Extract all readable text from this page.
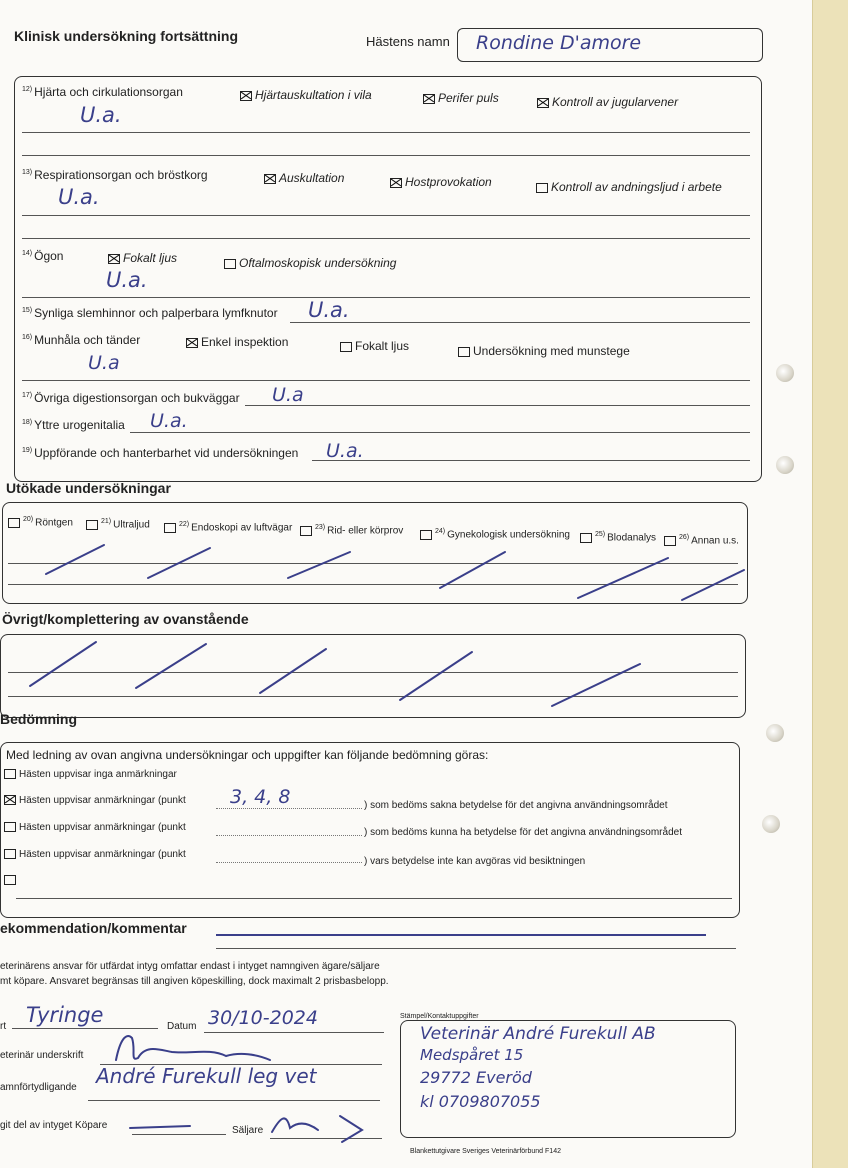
Klinisk undersökning fortsättning	Hästens namn Rondine D'amore
$^{12)}$ Hjärta och cirkulationsorgan	Hjärtauskultation i vila	Perifer puls	Kontroll av jugularvener
U.a.
$^{13)}$ Respirationsorgan och bröstkorg	Auskultation	Hostprovokation	Kontroll av andningsljud i arbete
U.a.
$^{14)}$ Ögon	Fokalt ljus	Oftalmoskopisk undersökning
U.a.
$^{15)}$ Synliga slemhinnor och palperbara lymfknutor U.a.
$^{16)}$ Munhåla och tänder	Enkel inspektion	Fokalt ljus	Undersökning med munstege
U.a
$^{17)}$ Övriga digestionsorgan och bukväggar U.a
$^{18)}$ Yttre urogenitalia U.a.
$^{19)}$ Uppförande och hanterbarhet vid undersökningen U.a.
Utökade undersökningar
$^{20)}$ Röntgen	$^{21)}$ Ultraljud	$^{22)}$ Endoskopi av luftvägar	$^{23)}$ Rid- eller körprov	$^{24)}$ Gynekologisk undersökning	$^{25)}$ Blodanalys	$^{26)}$ Annan u.s.
Övrigt/komplettering av ovanstående
Bedömning
Med ledning av ovan angivna undersökningar och uppgifter kan följande bedömning göras:
Hästen uppvisar inga anmärkningar
Hästen uppvisar anmärkningar (punkt 3, 4, 8	) som bedöms sakna betydelse för det angivna användningsområdet
Hästen uppvisar anmärkningar (punkt	) som bedöms kunna ha betydelse för det angivna användningsområdet
Hästen uppvisar anmärkningar (punkt
) vars betydelse inte kan avgöras vid besiktningen
ekommendation/kommentar
eterinärens ansvar för utfärdat intyg omfattar endast i intyget namngiven ägare/säljare
mt köpare. Ansvaret begränsas till angiven köpeskilling, dock maximalt 2 prisbasbelopp.
rt Tyringe	Datum 30/10-2024
eterinär underskrift
amnförtydligande André Furekull leg vet
git del av intyget Köpare	Säljare
Stämpel/Kontaktuppgifter
Veterinär André Furekull AB
Medspåret 15
29772 Everöd
kl 0709807055
Blankettutgivare Sveriges Veterinärförbund F142
